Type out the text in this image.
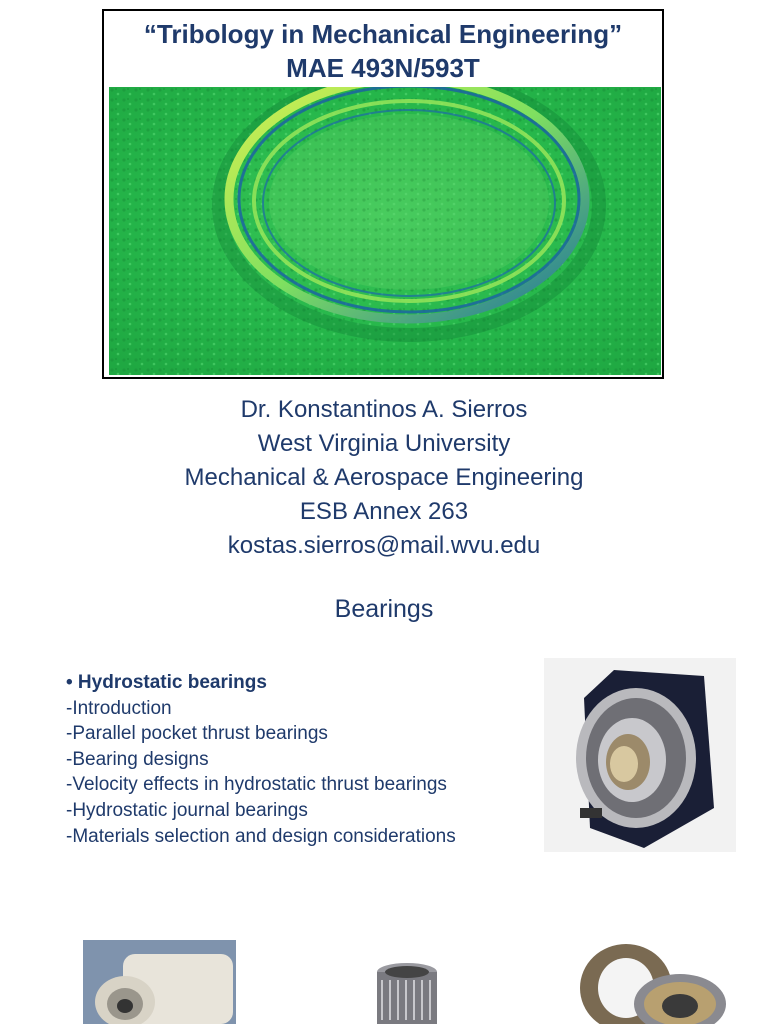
“Tribology in Mechanical Engineering”
MAE 493N/593T
Dr. Konstantinos A. Sierros
West Virginia University
Mechanical & Aerospace Engineering
ESB Annex 263
kostas.sierros@mail.wvu.edu
Bearings
• Hydrostatic bearings
-Introduction
-Parallel pocket thrust bearings
-Bearing designs
-Velocity effects in hydrostatic thrust bearings
-Hydrostatic journal bearings
-Materials selection and design considerations
